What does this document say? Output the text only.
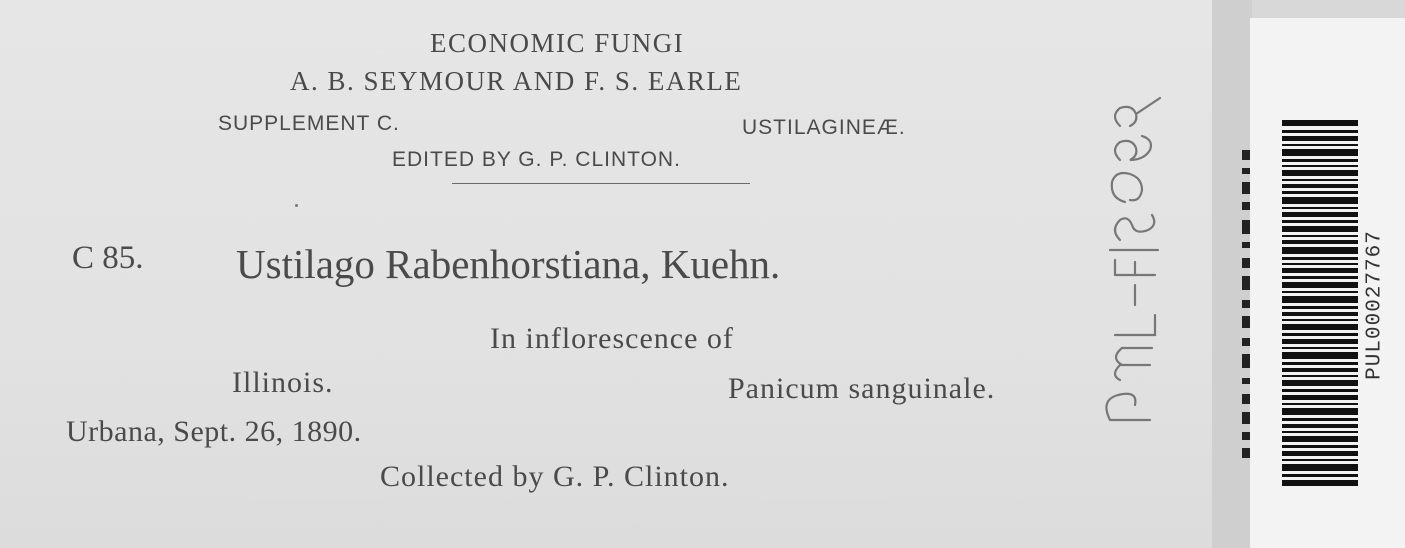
ECONOMIC FUNGI
A. B. SEYMOUR AND F. S. EARLE
SUPPLEMENT C.	USTILAGINEÆ.
EDITED BY G. P. CLINTON.
C 85. Ustilago Rabenhorstiana, Kuehn.
In inflorescence of
Illinois.	Panicum sanguinale.
Urbana, Sept. 26, 1890.
Collected by G. P. Clinton.
PUL00027767
